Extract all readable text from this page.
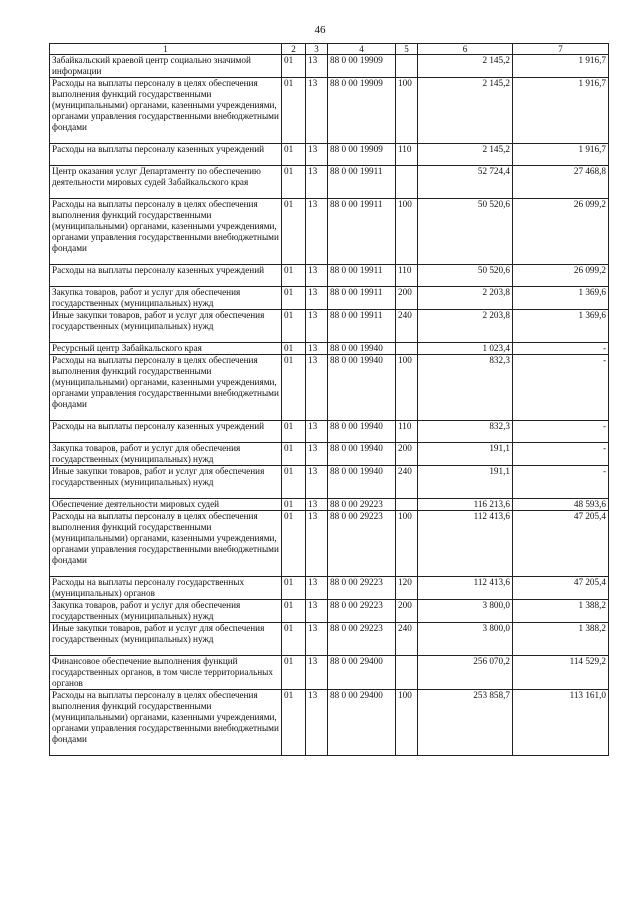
46
1	2	3	4	5	6	7
Забайкальский краевой центр социально значимой информации	01	13	88 0 00 19909		2 145,2	1 916,7
Расходы на выплаты персоналу в целях обеспечения выполнения функций государственными (муниципальными) органами, казенными учреждениями, органами управления государственными внебюджетными фондами	01	13	88 0 00 19909	100	2 145,2	1 916,7
Расходы на выплаты персоналу казенных учреждений	01	13	88 0 00 19909	110	2 145,2	1 916,7
Центр оказания услуг Департаменту по обеспечению деятельности мировых судей Забайкальского края	01	13	88 0 00 19911		52 724,4	27 468,8
Расходы на выплаты персоналу в целях обеспечения выполнения функций государственными (муниципальными) органами, казенными учреждениями, органами управления государственными внебюджетными фондами	01	13	88 0 00 19911	100	50 520,6	26 099,2
Расходы на выплаты персоналу казенных учреждений	01	13	88 0 00 19911	110	50 520,6	26 099,2
Закупка товаров, работ и услуг для обеспечения государственных (муниципальных) нужд	01	13	88 0 00 19911	200	2 203,8	1 369,6
Иные закупки товаров, работ и услуг для обеспечения государственных (муниципальных) нужд	01	13	88 0 00 19911	240	2 203,8	1 369,6
Ресурсный центр Забайкальского края	01	13	88 0 00 19940		1 023,4	-
Расходы на выплаты персоналу в целях обеспечения выполнения функций государственными (муниципальными) органами, казенными учреждениями, органами управления государственными внебюджетными фондами	01	13	88 0 00 19940	100	832,3	-
Расходы на выплаты персоналу казенных учреждений	01	13	88 0 00 19940	110	832,3	-
Закупка товаров, работ и услуг для обеспечения государственных (муниципальных) нужд	01	13	88 0 00 19940	200	191,1	-
Иные закупки товаров, работ и услуг для обеспечения государственных (муниципальных) нужд	01	13	88 0 00 19940	240	191,1	-
Обеспечение деятельности мировых судей	01	13	88 0 00 29223		116 213,6	48 593,6
Расходы на выплаты персоналу в целях обеспечения выполнения функций государственными (муниципальными) органами, казенными учреждениями, органами управления государственными внебюджетными фондами	01	13	88 0 00 29223	100	112 413,6	47 205,4
Расходы на выплаты персоналу государственных (муниципальных) органов	01	13	88 0 00 29223	120	112 413,6	47 205,4
Закупка товаров, работ и услуг для обеспечения государственных (муниципальных) нужд	01	13	88 0 00 29223	200	3 800,0	1 388,2
Иные закупки товаров, работ и услуг для обеспечения государственных (муниципальных) нужд	01	13	88 0 00 29223	240	3 800,0	1 388,2
Финансовое обеспечение выполнения функций государственных органов, в том числе территориальных органов	01	13	88 0 00 29400		256 070,2	114 529,2
Расходы на выплаты персоналу в целях обеспечения выполнения функций государственными (муниципальными) органами, казенными учреждениями, органами управления государственными внебюджетными фондами	01	13	88 0 00 29400	100	253 858,7	113 161,0
